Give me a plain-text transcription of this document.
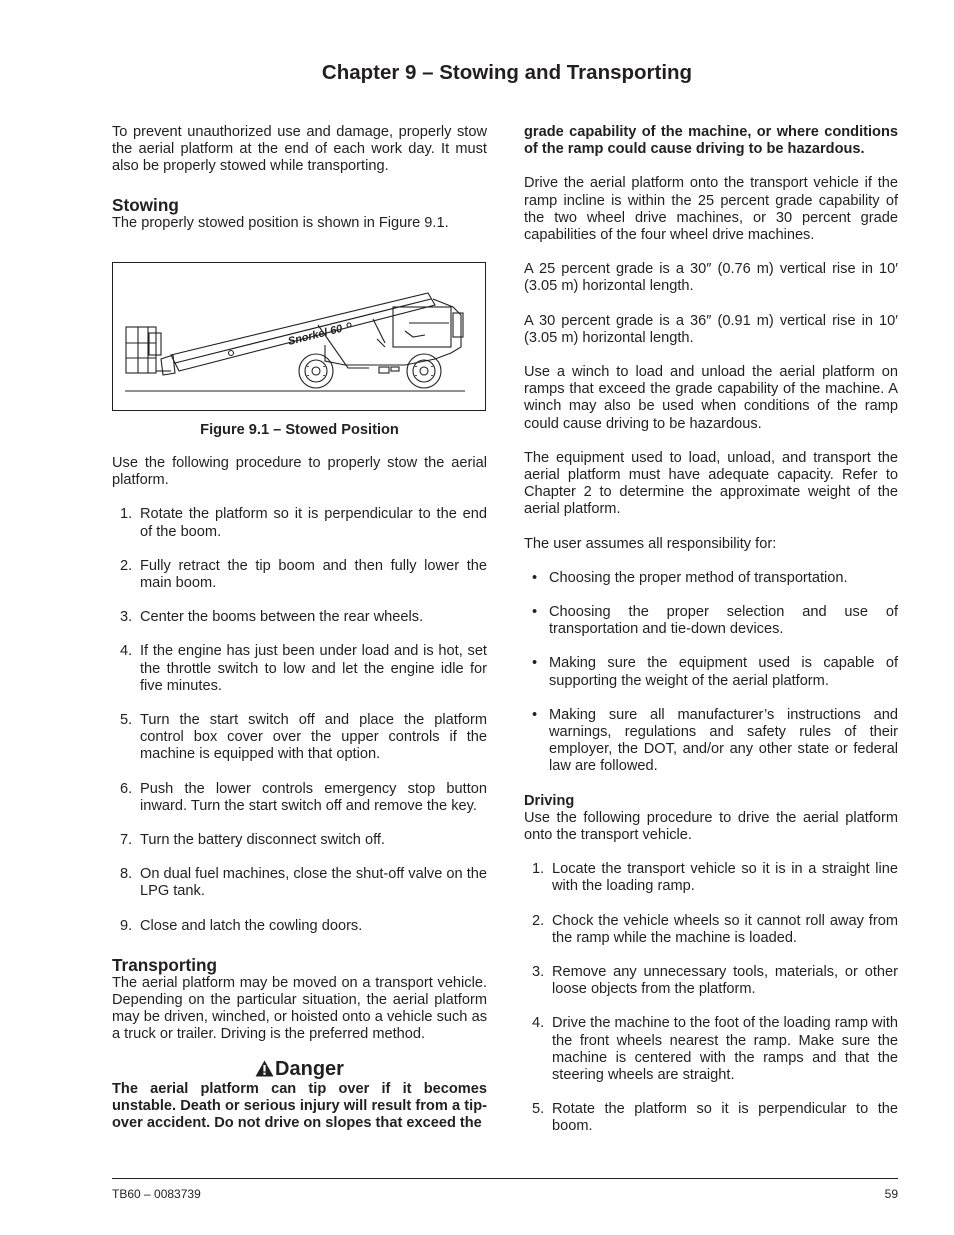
Chapter 9 – Stowing and Transporting

To prevent unauthorized use and damage, properly stow the aerial platform at the end of each work day. It must also be properly stowed while transporting.

Stowing

The properly stowed position is shown in Figure 9.1.

Snorkel 60
Figure 9.1 – Stowed Position

Use the following procedure to properly stow the aerial platform.

1. Rotate the platform so it is perpendicular to the end of the boom.
2. Fully retract the tip boom and then fully lower the main boom.
3. Center the booms between the rear wheels.
4. If the engine has just been under load and is hot, set the throttle switch to low and let the engine idle for five minutes.
5. Turn the start switch off and place the platform control box cover over the upper controls if the machine is equipped with that option.
6. Push the lower controls emergency stop button inward. Turn the start switch off and remove the key.
7. Turn the battery disconnect switch off.
8. On dual fuel machines, close the shut-off valve on the LPG tank.
9. Close and latch the cowling doors.
Transporting

The aerial platform may be moved on a transport vehicle. Depending on the particular situation, the aerial platform may be driven, winched, or hoisted onto a vehicle such as a truck or trailer. Driving is the preferred method.

Danger

The aerial platform can tip over if it becomes unstable. Death or serious injury will result from a tip-over accident. Do not drive on slopes that exceed the

grade capability of the machine, or where conditions of the ramp could cause driving to be hazardous.

Drive the aerial platform onto the transport vehicle if the ramp incline is within the 25 percent grade capability of the two wheel drive machines, or 30 percent grade capabilities of the four wheel drive machines.

A 25 percent grade is a 30″ (0.76 m) vertical rise in 10′ (3.05 m) horizontal length.

A 30 percent grade is a 36″ (0.91 m) vertical rise in 10′ (3.05 m) horizontal length.

Use a winch to load and unload the aerial platform on ramps that exceed the grade capability of the machine. A winch may also be used when conditions of the ramp could cause driving to be hazardous.

The equipment used to load, unload, and transport the aerial platform must have adequate capacity. Refer to Chapter 2 to determine the approximate weight of the aerial platform.

The user assumes all responsibility for:

• Choosing the proper method of transportation.
• Choosing the proper selection and use of transportation and tie-down devices.
• Making sure the equipment used is capable of supporting the weight of the aerial platform.
• Making sure all manufacturer’s instructions and warnings, regulations and safety rules of their employer, the DOT, and/or any other state or federal law are followed.
Driving

Use the following procedure to drive the aerial platform onto the transport vehicle.

1. Locate the transport vehicle so it is in a straight line with the loading ramp.
2. Chock the vehicle wheels so it cannot roll away from the ramp while the machine is loaded.
3. Remove any unnecessary tools, materials, or other loose objects from the platform.
4. Drive the machine to the foot of the loading ramp with the front wheels nearest the ramp. Make sure the machine is centered with the ramps and that the steering wheels are straight.
5. Rotate the platform so it is perpendicular to the boom.
TB60 – 0083739	59
